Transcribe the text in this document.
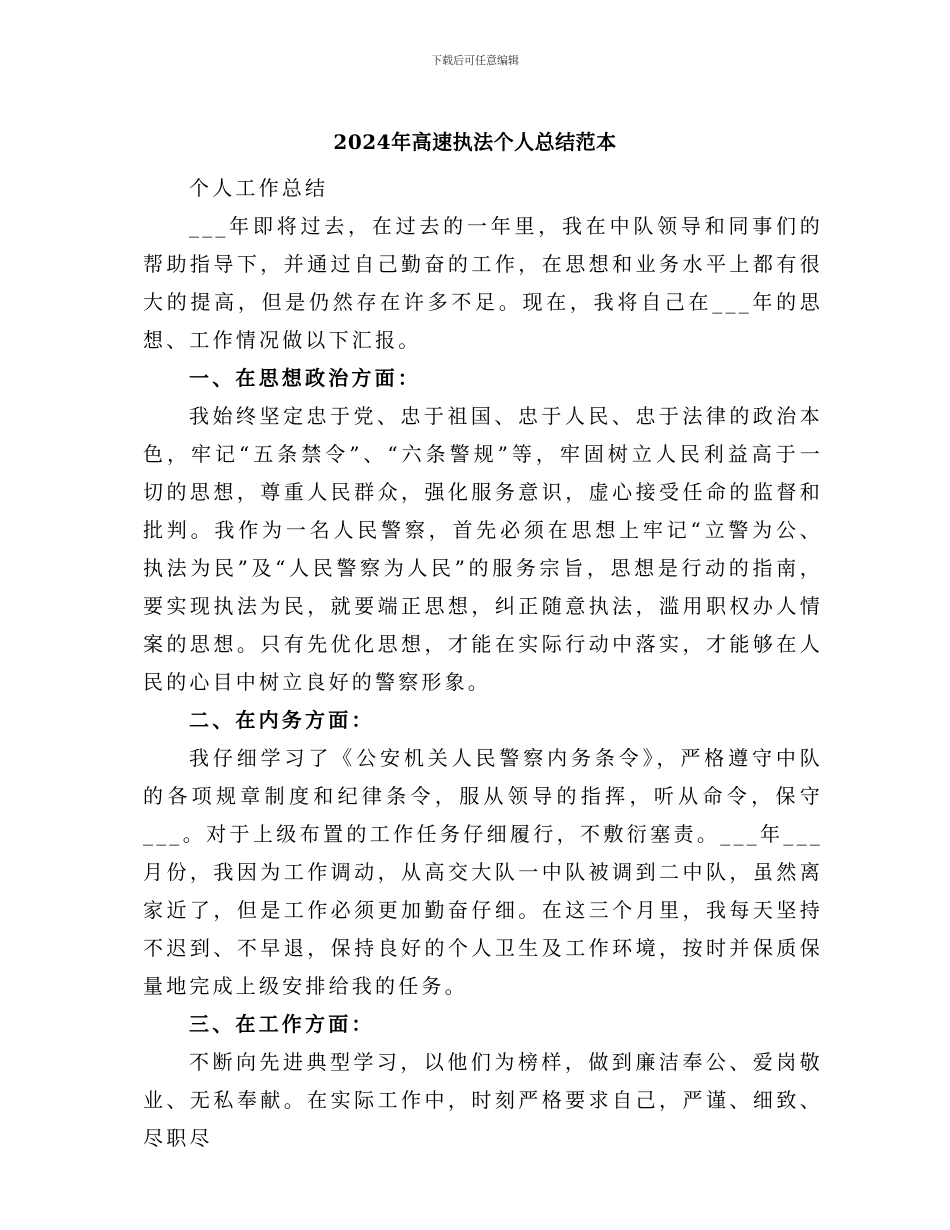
下载后可任意编辑
2024年高速执法个人总结范本

个人工作总结

___年即将过去，在过去的一年里，我在中队领导和同事们的帮助指导下，并通过自己勤奋的工作，在思想和业务水平上都有很大的提高，但是仍然存在许多不足。现在，我将自己在___年的思想、工作情况做以下汇报。

一、在思想政治方面：

我始终坚定忠于党、忠于祖国、忠于人民、忠于法律的政治本色，牢记“五条禁令”、“六条警规”等，牢固树立人民利益高于一切的思想，尊重人民群众，强化服务意识，虚心接受任命的监督和批判。我作为一名人民警察，首先必须在思想上牢记“立警为公、执法为民”及“人民警察为人民”的服务宗旨，思想是行动的指南，要实现执法为民，就要端正思想，纠正随意执法，滥用职权办人情案的思想。只有先优化思想，才能在实际行动中落实，才能够在人民的心目中树立良好的警察形象。

二、在内务方面：

我仔细学习了《公安机关人民警察内务条令》，严格遵守中队的各项规章制度和纪律条令，服从领导的指挥，听从命令，保守___。对于上级布置的工作任务仔细履行，不敷衍塞责。___年___月份，我因为工作调动，从高交大队一中队被调到二中队，虽然离家近了，但是工作必须更加勤奋仔细。在这三个月里，我每天坚持不迟到、不早退，保持良好的个人卫生及工作环境，按时并保质保量地完成上级安排给我的任务。

三、在工作方面：

不断向先进典型学习，以他们为榜样，做到廉洁奉公、爱岗敬业、无私奉献。在实际工作中，时刻严格要求自己，严谨、细致、尽职尽
